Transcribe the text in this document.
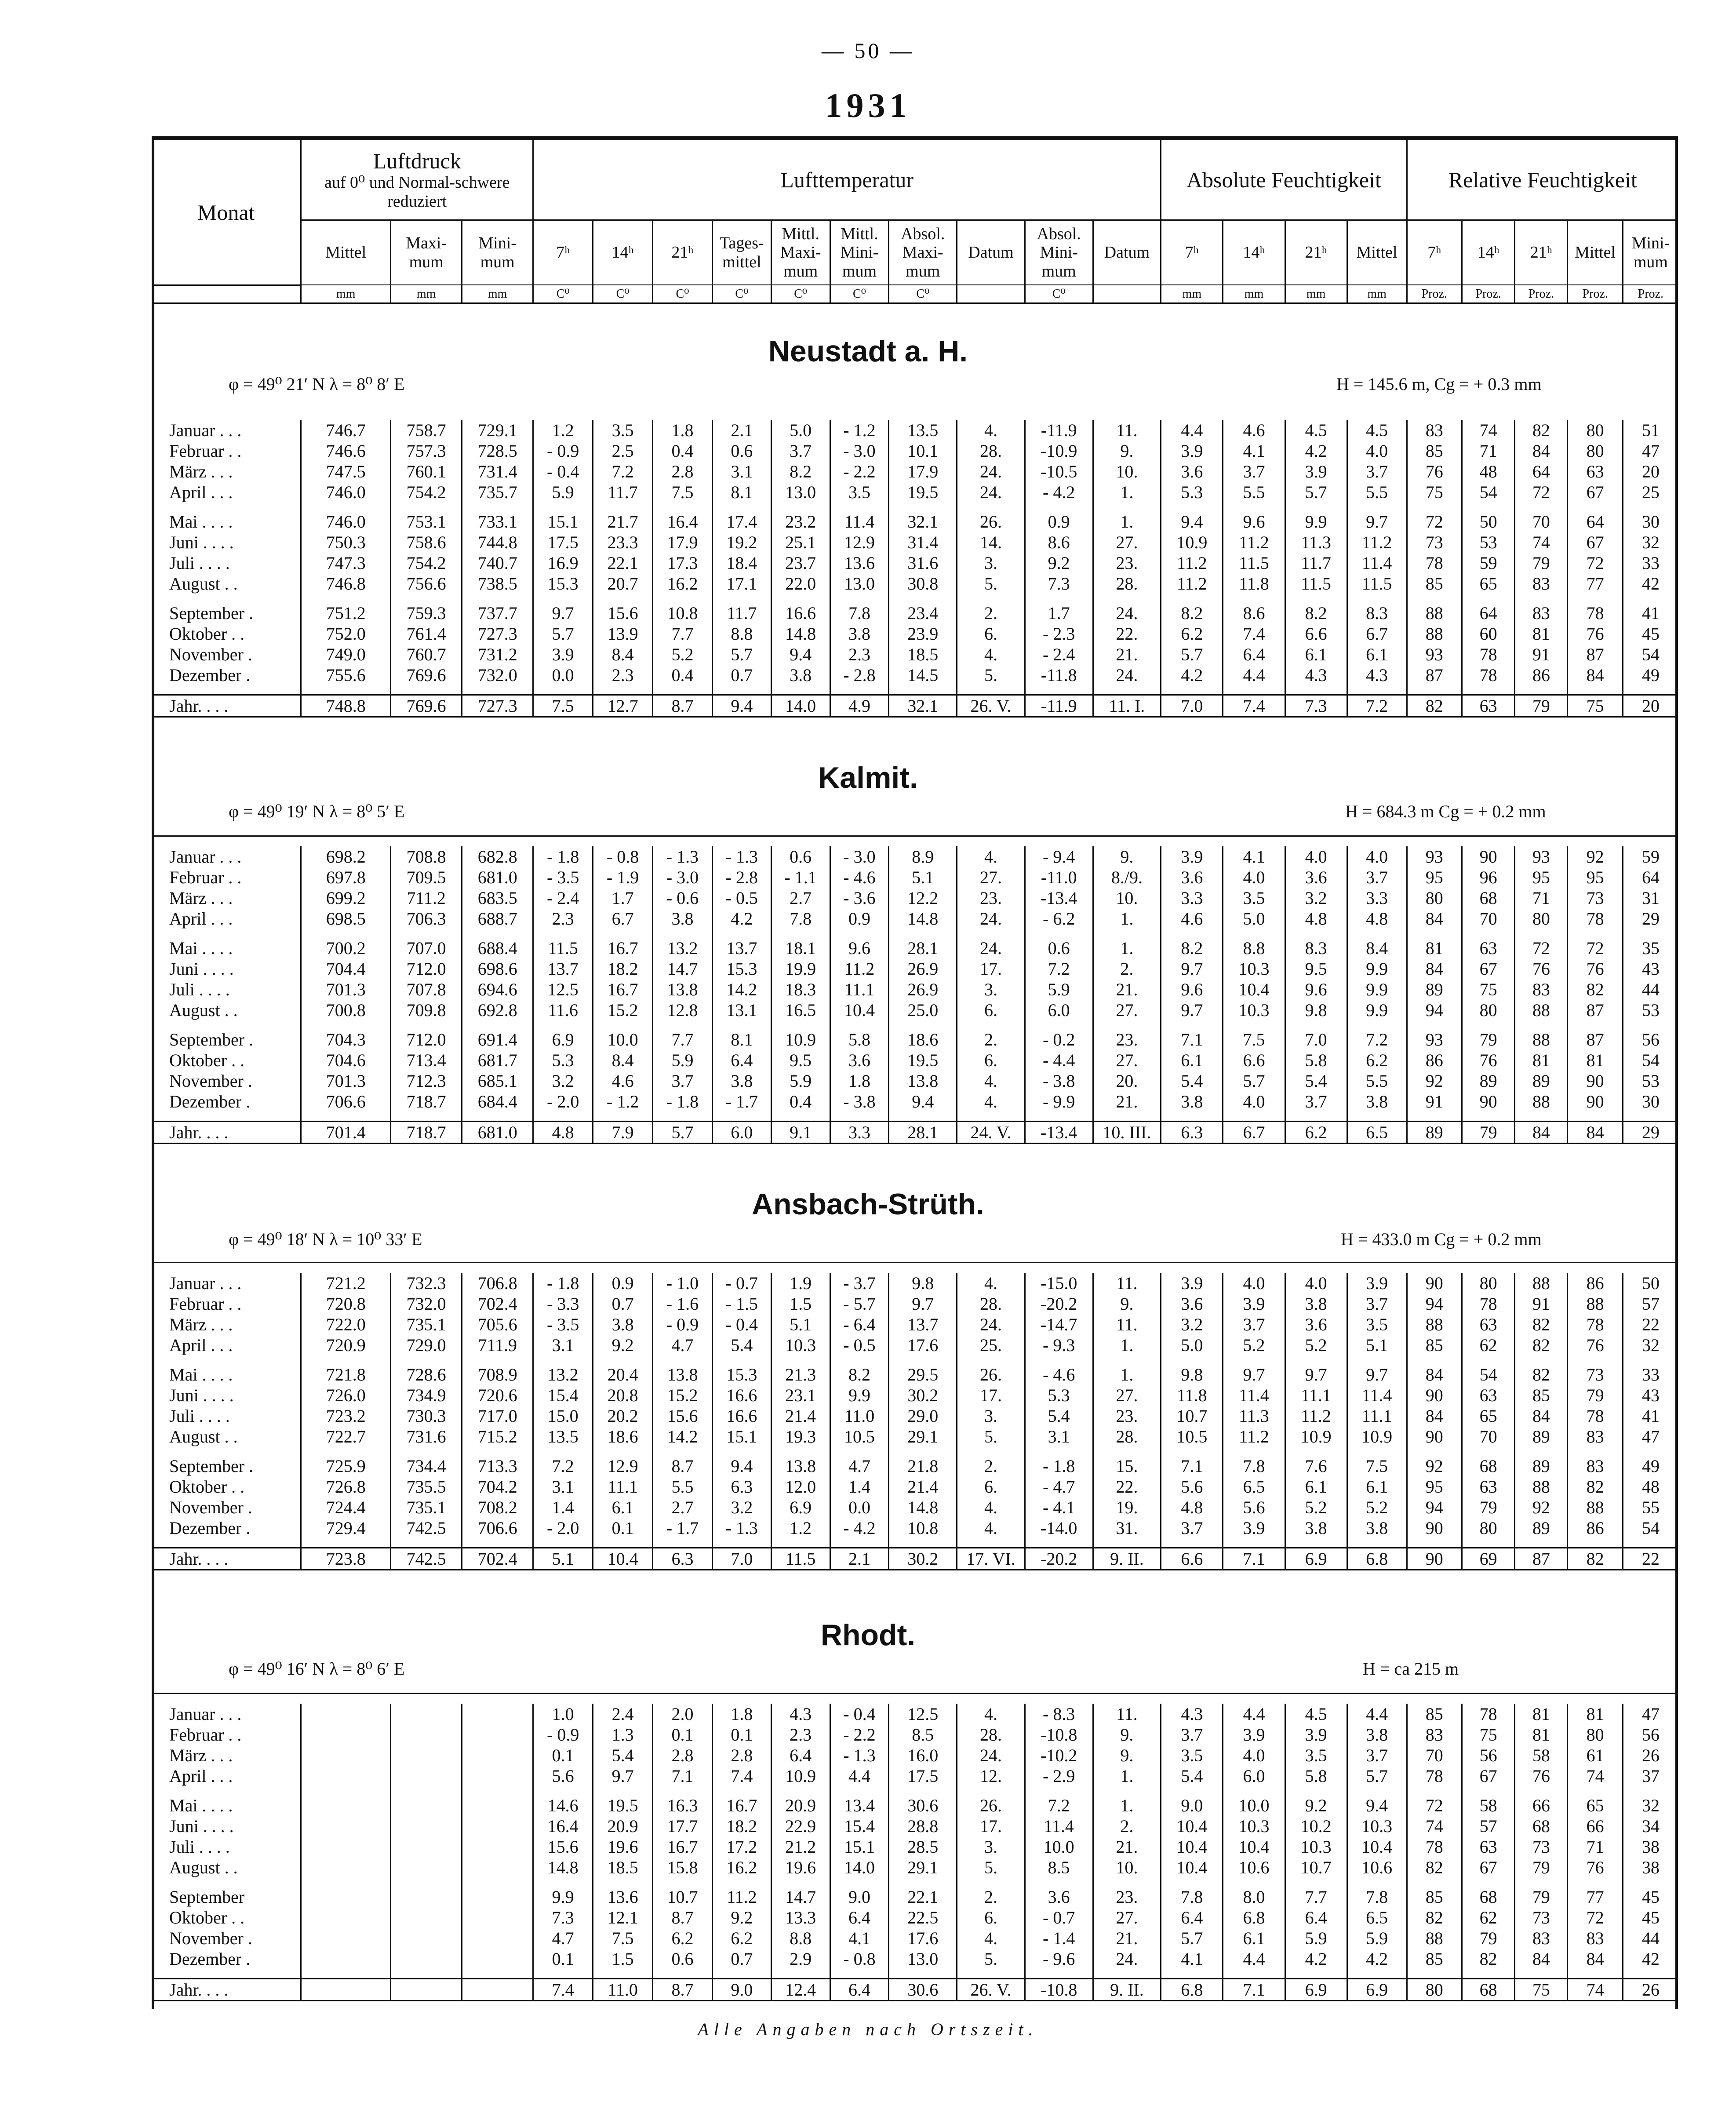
— 50 —
1931
Monat	Luftdruck
auf 0⁰ und Normal-schwere reduziert			Lufttemperatur										Absolute Feuchtigkeit				Relative Feuchtigkeit				
	Mittel	Maxi-mum	Mini-mum	7ʰ	14ʰ	21ʰ	Tages-mittel	Mittl. Maxi-mum	Mittl. Mini-mum	Absol. Maxi-mum	Datum	Absol. Mini-mum	Datum	7ʰ	14ʰ	21ʰ	Mittel	7ʰ	14ʰ	21ʰ	Mittel	Mini-mum
	mm	mm	mm	C⁰	C⁰	C⁰	C⁰	C⁰	C⁰	C⁰		C⁰		mm	mm	mm	mm	Proz.	Proz.	Proz.	Proz.	Proz.
Neustadt a. H.
φ = 49⁰ 21′ N λ = 8⁰ 8′ E	H = 145.6 m, Cg = + 0.3 mm
Januar . . .	746.7	758.7	729.1	1.2	3.5	1.8	2.1	5.0	- 1.2	13.5	4.	-11.9	11.	4.4	4.6	4.5	4.5	83	74	82	80	51
Februar . .	746.6	757.3	728.5	- 0.9	2.5	0.4	0.6	3.7	- 3.0	10.1	28.	-10.9	9.	3.9	4.1	4.2	4.0	85	71	84	80	47
März . . .	747.5	760.1	731.4	- 0.4	7.2	2.8	3.1	8.2	- 2.2	17.9	24.	-10.5	10.	3.6	3.7	3.9	3.7	76	48	64	63	20
April . . .	746.0	754.2	735.7	5.9	11.7	7.5	8.1	13.0	3.5	19.5	24.	- 4.2	1.	5.3	5.5	5.7	5.5	75	54	72	67	25

Mai . . . .	746.0	753.1	733.1	15.1	21.7	16.4	17.4	23.2	11.4	32.1	26.	0.9	1.	9.4	9.6	9.9	9.7	72	50	70	64	30
Juni . . . .	750.3	758.6	744.8	17.5	23.3	17.9	19.2	25.1	12.9	31.4	14.	8.6	27.	10.9	11.2	11.3	11.2	73	53	74	67	32
Juli . . . .	747.3	754.2	740.7	16.9	22.1	17.3	18.4	23.7	13.6	31.6	3.	9.2	23.	11.2	11.5	11.7	11.4	78	59	79	72	33
August . .	746.8	756.6	738.5	15.3	20.7	16.2	17.1	22.0	13.0	30.8	5.	7.3	28.	11.2	11.8	11.5	11.5	85	65	83	77	42

September .	751.2	759.3	737.7	9.7	15.6	10.8	11.7	16.6	7.8	23.4	2.	1.7	24.	8.2	8.6	8.2	8.3	88	64	83	78	41
Oktober . .	752.0	761.4	727.3	5.7	13.9	7.7	8.8	14.8	3.8	23.9	6.	- 2.3	22.	6.2	7.4	6.6	6.7	88	60	81	76	45
November .	749.0	760.7	731.2	3.9	8.4	5.2	5.7	9.4	2.3	18.5	4.	- 2.4	21.	5.7	6.4	6.1	6.1	93	78	91	87	54
Dezember .	755.6	769.6	732.0	0.0	2.3	0.4	0.7	3.8	- 2.8	14.5	5.	-11.8	24.	4.2	4.4	4.3	4.3	87	78	86	84	49

Jahr. . . .	748.8	769.6	727.3	7.5	12.7	8.7	9.4	14.0	4.9	32.1	26. V.	-11.9	11. I.	7.0	7.4	7.3	7.2	82	63	79	75	20
Kalmit.
φ = 49⁰ 19′ N λ = 8⁰ 5′ E	H = 684.3 m Cg = + 0.2 mm
Januar . . .	698.2	708.8	682.8	- 1.8	- 0.8	- 1.3	- 1.3	0.6	- 3.0	8.9	4.	- 9.4	9.	3.9	4.1	4.0	4.0	93	90	93	92	59
Februar . .	697.8	709.5	681.0	- 3.5	- 1.9	- 3.0	- 2.8	- 1.1	- 4.6	5.1	27.	-11.0	8./9.	3.6	4.0	3.6	3.7	95	96	95	95	64
März . . .	699.2	711.2	683.5	- 2.4	1.7	- 0.6	- 0.5	2.7	- 3.6	12.2	23.	-13.4	10.	3.3	3.5	3.2	3.3	80	68	71	73	31
April . . .	698.5	706.3	688.7	2.3	6.7	3.8	4.2	7.8	0.9	14.8	24.	- 6.2	1.	4.6	5.0	4.8	4.8	84	70	80	78	29

Mai . . . .	700.2	707.0	688.4	11.5	16.7	13.2	13.7	18.1	9.6	28.1	24.	0.6	1.	8.2	8.8	8.3	8.4	81	63	72	72	35
Juni . . . .	704.4	712.0	698.6	13.7	18.2	14.7	15.3	19.9	11.2	26.9	17.	7.2	2.	9.7	10.3	9.5	9.9	84	67	76	76	43
Juli . . . .	701.3	707.8	694.6	12.5	16.7	13.8	14.2	18.3	11.1	26.9	3.	5.9	21.	9.6	10.4	9.6	9.9	89	75	83	82	44
August . .	700.8	709.8	692.8	11.6	15.2	12.8	13.1	16.5	10.4	25.0	6.	6.0	27.	9.7	10.3	9.8	9.9	94	80	88	87	53

September .	704.3	712.0	691.4	6.9	10.0	7.7	8.1	10.9	5.8	18.6	2.	- 0.2	23.	7.1	7.5	7.0	7.2	93	79	88	87	56
Oktober . .	704.6	713.4	681.7	5.3	8.4	5.9	6.4	9.5	3.6	19.5	6.	- 4.4	27.	6.1	6.6	5.8	6.2	86	76	81	81	54
November .	701.3	712.3	685.1	3.2	4.6	3.7	3.8	5.9	1.8	13.8	4.	- 3.8	20.	5.4	5.7	5.4	5.5	92	89	89	90	53
Dezember .	706.6	718.7	684.4	- 2.0	- 1.2	- 1.8	- 1.7	0.4	- 3.8	9.4	4.	- 9.9	21.	3.8	4.0	3.7	3.8	91	90	88	90	30

Jahr. . . .	701.4	718.7	681.0	4.8	7.9	5.7	6.0	9.1	3.3	28.1	24. V.	-13.4	10. III.	6.3	6.7	6.2	6.5	89	79	84	84	29
Ansbach-Strüth.
φ = 49⁰ 18′ N λ = 10⁰ 33′ E	H = 433.0 m Cg = + 0.2 mm
Januar . . .	721.2	732.3	706.8	- 1.8	0.9	- 1.0	- 0.7	1.9	- 3.7	9.8	4.	-15.0	11.	3.9	4.0	4.0	3.9	90	80	88	86	50
Februar . .	720.8	732.0	702.4	- 3.3	0.7	- 1.6	- 1.5	1.5	- 5.7	9.7	28.	-20.2	9.	3.6	3.9	3.8	3.7	94	78	91	88	57
März . . .	722.0	735.1	705.6	- 3.5	3.8	- 0.9	- 0.4	5.1	- 6.4	13.7	24.	-14.7	11.	3.2	3.7	3.6	3.5	88	63	82	78	22
April . . .	720.9	729.0	711.9	3.1	9.2	4.7	5.4	10.3	- 0.5	17.6	25.	- 9.3	1.	5.0	5.2	5.2	5.1	85	62	82	76	32

Mai . . . .	721.8	728.6	708.9	13.2	20.4	13.8	15.3	21.3	8.2	29.5	26.	- 4.6	1.	9.8	9.7	9.7	9.7	84	54	82	73	33
Juni . . . .	726.0	734.9	720.6	15.4	20.8	15.2	16.6	23.1	9.9	30.2	17.	5.3	27.	11.8	11.4	11.1	11.4	90	63	85	79	43
Juli . . . .	723.2	730.3	717.0	15.0	20.2	15.6	16.6	21.4	11.0	29.0	3.	5.4	23.	10.7	11.3	11.2	11.1	84	65	84	78	41
August . .	722.7	731.6	715.2	13.5	18.6	14.2	15.1	19.3	10.5	29.1	5.	3.1	28.	10.5	11.2	10.9	10.9	90	70	89	83	47

September .	725.9	734.4	713.3	7.2	12.9	8.7	9.4	13.8	4.7	21.8	2.	- 1.8	15.	7.1	7.8	7.6	7.5	92	68	89	83	49
Oktober . .	726.8	735.5	704.2	3.1	11.1	5.5	6.3	12.0	1.4	21.4	6.	- 4.7	22.	5.6	6.5	6.1	6.1	95	63	88	82	48
November .	724.4	735.1	708.2	1.4	6.1	2.7	3.2	6.9	0.0	14.8	4.	- 4.1	19.	4.8	5.6	5.2	5.2	94	79	92	88	55
Dezember .	729.4	742.5	706.6	- 2.0	0.1	- 1.7	- 1.3	1.2	- 4.2	10.8	4.	-14.0	31.	3.7	3.9	3.8	3.8	90	80	89	86	54

Jahr. . . .	723.8	742.5	702.4	5.1	10.4	6.3	7.0	11.5	2.1	30.2	17. VI.	-20.2	9. II.	6.6	7.1	6.9	6.8	90	69	87	82	22
Rhodt.
φ = 49⁰ 16′ N λ = 8⁰ 6′ E	H = ca 215 m
Januar . . .				1.0	2.4	2.0	1.8	4.3	- 0.4	12.5	4.	- 8.3	11.	4.3	4.4	4.5	4.4	85	78	81	81	47
Februar . .				- 0.9	1.3	0.1	0.1	2.3	- 2.2	8.5	28.	-10.8	9.	3.7	3.9	3.9	3.8	83	75	81	80	56
März . . .				0.1	5.4	2.8	2.8	6.4	- 1.3	16.0	24.	-10.2	9.	3.5	4.0	3.5	3.7	70	56	58	61	26
April . . .				5.6	9.7	7.1	7.4	10.9	4.4	17.5	12.	- 2.9	1.	5.4	6.0	5.8	5.7	78	67	76	74	37

Mai . . . .				14.6	19.5	16.3	16.7	20.9	13.4	30.6	26.	7.2	1.	9.0	10.0	9.2	9.4	72	58	66	65	32
Juni . . . .				16.4	20.9	17.7	18.2	22.9	15.4	28.8	17.	11.4	2.	10.4	10.3	10.2	10.3	74	57	68	66	34
Juli . . . .				15.6	19.6	16.7	17.2	21.2	15.1	28.5	3.	10.0	21.	10.4	10.4	10.3	10.4	78	63	73	71	38
August . .				14.8	18.5	15.8	16.2	19.6	14.0	29.1	5.	8.5	10.	10.4	10.6	10.7	10.6	82	67	79	76	38

September				9.9	13.6	10.7	11.2	14.7	9.0	22.1	2.	3.6	23.	7.8	8.0	7.7	7.8	85	68	79	77	45
Oktober . .				7.3	12.1	8.7	9.2	13.3	6.4	22.5	6.	- 0.7	27.	6.4	6.8	6.4	6.5	82	62	73	72	45
November .				4.7	7.5	6.2	6.2	8.8	4.1	17.6	4.	- 1.4	21.	5.7	6.1	5.9	5.9	88	79	83	83	44
Dezember .				0.1	1.5	0.6	0.7	2.9	- 0.8	13.0	5.	- 9.6	24.	4.1	4.4	4.2	4.2	85	82	84	84	42

Jahr. . . .				7.4	11.0	8.7	9.0	12.4	6.4	30.6	26. V.	-10.8	9. II.	6.8	7.1	6.9	6.9	80	68	75	74	26
Alle Angaben nach Ortszeit.
